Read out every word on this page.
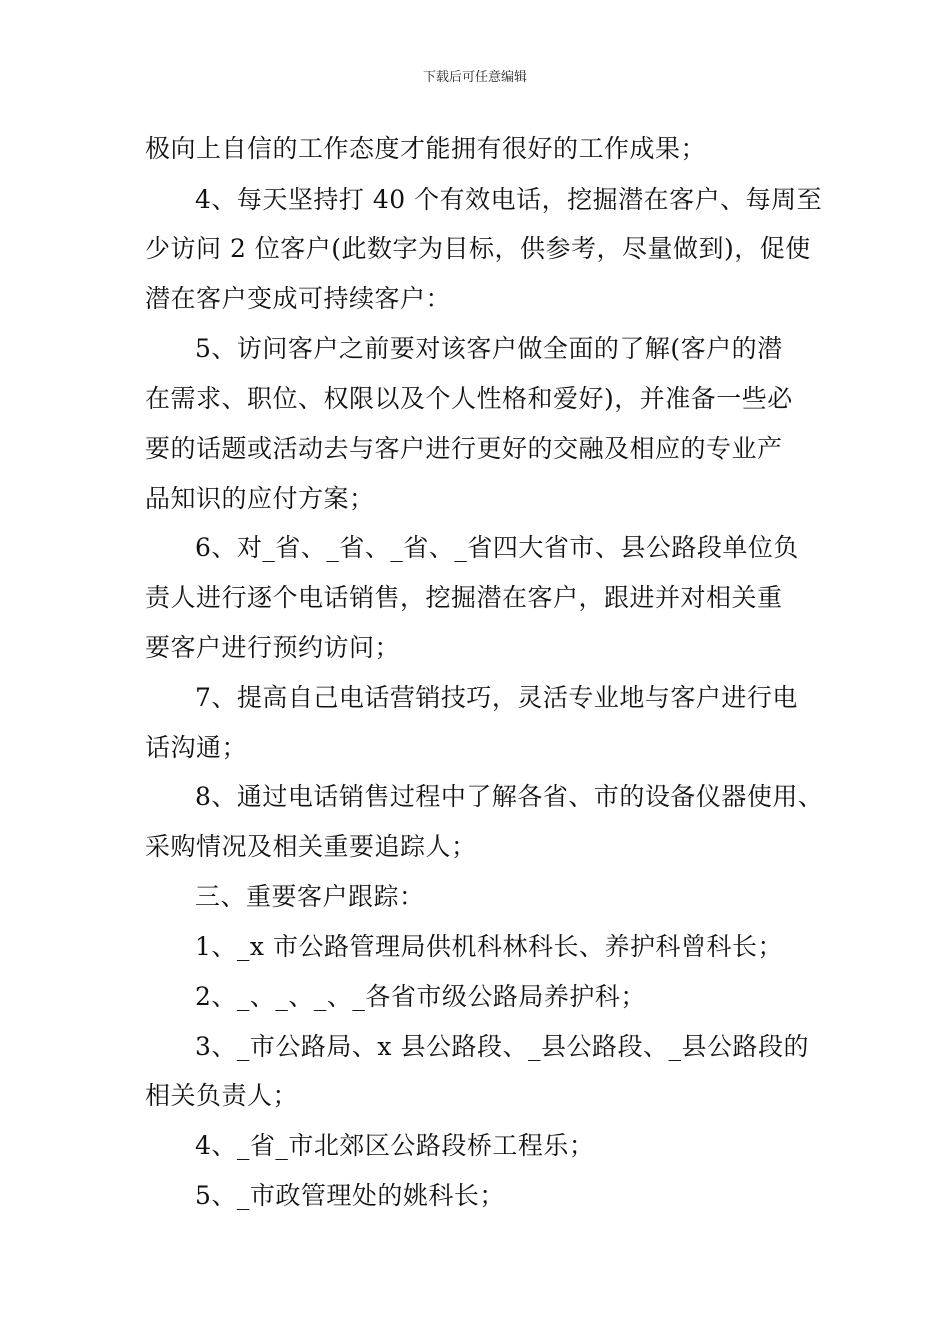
下载后可任意编辑
极向上自信的工作态度才能拥有很好的工作成果；
4、每天坚持打 40 个有效电话，挖掘潜在客户、每周至
少访问 2 位客户(此数字为目标，供参考，尽量做到)，促使
潜在客户变成可持续客户：
5、访问客户之前要对该客户做全面的了解(客户的潜
在需求、职位、权限以及个人性格和爱好)，并准备一些必
要的话题或活动去与客户进行更好的交融及相应的专业产
品知识的应付方案；
6、对_省、_省、_省、_省四大省市、县公路段单位负
责人进行逐个电话销售，挖掘潜在客户，跟进并对相关重
要客户进行预约访问；
7、提高自己电话营销技巧，灵活专业地与客户进行电
话沟通；
8、通过电话销售过程中了解各省、市的设备仪器使用、
采购情况及相关重要追踪人；
三、重要客户跟踪：
1、_x 市公路管理局供机科林科长、养护科曾科长；
2、_、_、_、_各省市级公路局养护科；
3、_市公路局、x 县公路段、_县公路段、_县公路段的
相关负责人；
4、_省_市北郊区公路段桥工程乐；
5、_市政管理处的姚科长；
